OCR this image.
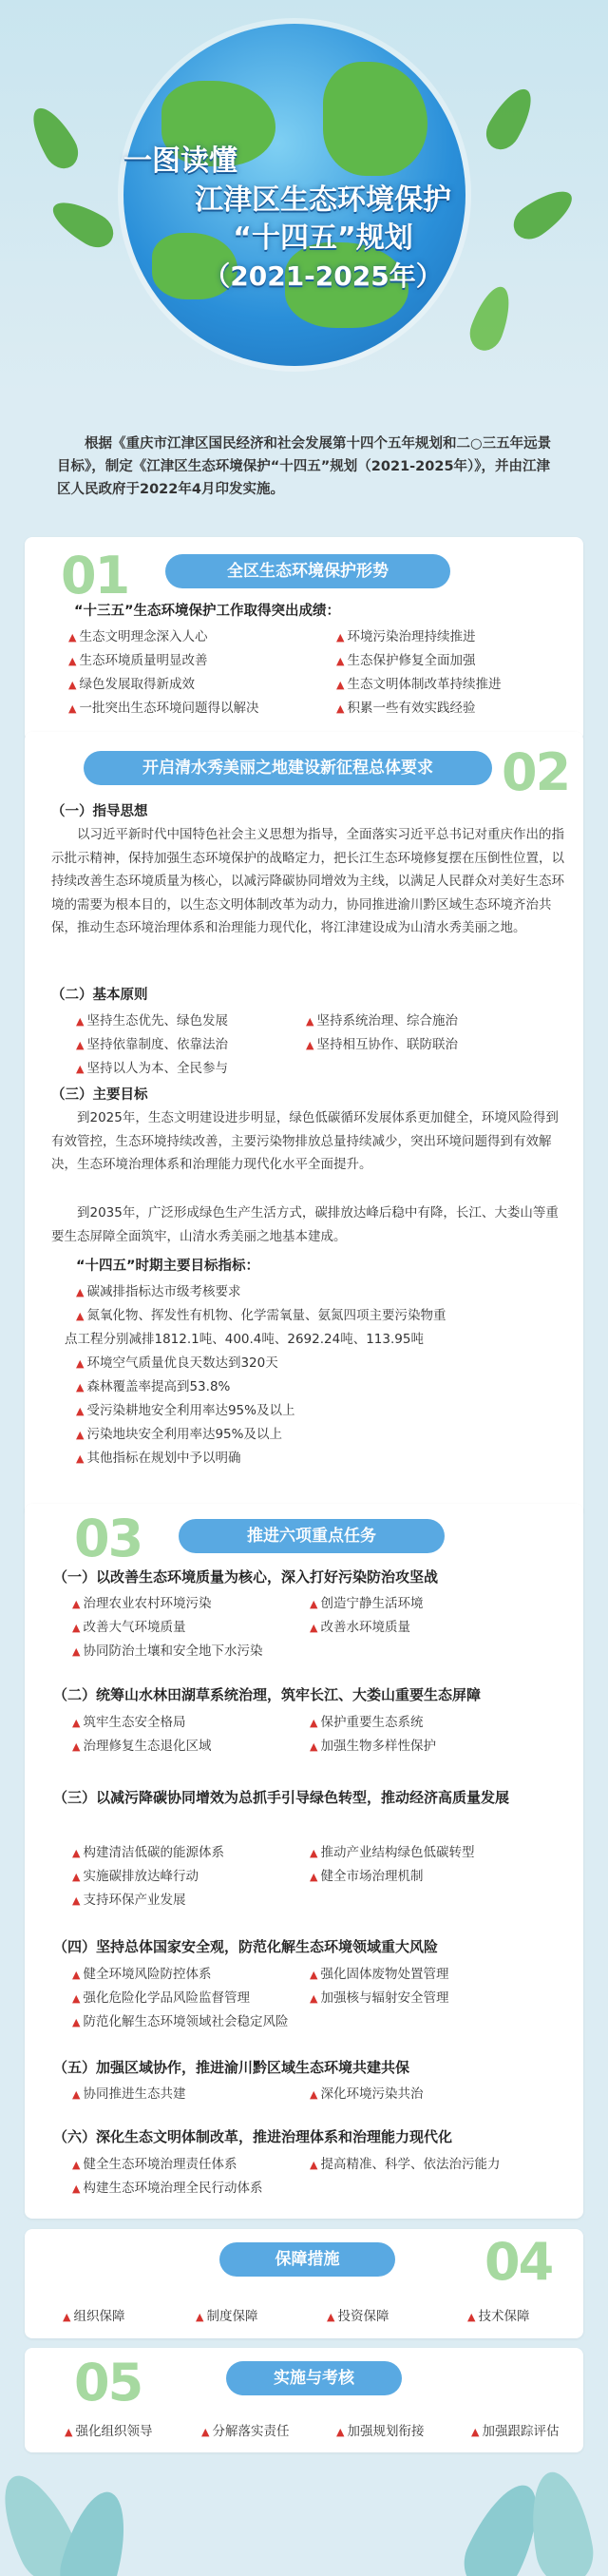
一图读懂
江津区生态环境保护
“十四五”规划
（2021-2025年）
根据《重庆市江津区国民经济和社会发展第十四个五年规划和二○三五年远景目标》，制定《江津区生态环境保护“十四五”规划（2021-2025年）》，并由江津区人民政府于2022年4月印发实施。
01	全区生态环境保护形势
“十三五”生态环境保护工作取得突出成绩：
▲ 生态文明理念深入人心	▲ 环境污染治理持续推进
▲ 生态环境质量明显改善	▲ 生态保护修复全面加强
▲ 绿色发展取得新成效	▲ 生态文明体制改革持续推进
▲ 一批突出生态环境问题得以解决	▲ 积累一些有效实践经验
开启清水秀美丽之地建设新征程总体要求	02
（一）指导思想
以习近平新时代中国特色社会主义思想为指导，全面落实习近平总书记对重庆作出的指示批示精神，保持加强生态环境保护的战略定力，把长江生态环境修复摆在压倒性位置，以持续改善生态环境质量为核心，以减污降碳协同增效为主线，以满足人民群众对美好生态环境的需要为根本目的，以生态文明体制改革为动力，协同推进渝川黔区域生态环境齐治共保，推动生态环境治理体系和治理能力现代化，将江津建设成为山清水秀美丽之地。
（二）基本原则
▲ 坚持生态优先、绿色发展	▲ 坚持系统治理、综合施治
▲ 坚持依靠制度、依靠法治	▲ 坚持相互协作、联防联治
▲ 坚持以人为本、全民参与
（三）主要目标
到2025年，生态文明建设进步明显，绿色低碳循环发展体系更加健全，环境风险得到有效管控，生态环境持续改善，主要污染物排放总量持续减少，突出环境问题得到有效解决，生态环境治理体系和治理能力现代化水平全面提升。
到2035年，广泛形成绿色生产生活方式，碳排放达峰后稳中有降，长江、大娄山等重要生态屏障全面筑牢，山清水秀美丽之地基本建成。
“十四五”时期主要目标指标：
▲ 碳减排指标达市级考核要求
▲ 氮氧化物、挥发性有机物、化学需氧量、氨氮四项主要污染物重
点工程分别减排1812.1吨、400.4吨、2692.24吨、113.95吨
▲ 环境空气质量优良天数达到320天
▲ 森林覆盖率提高到53.8%
▲ 受污染耕地安全利用率达95%及以上
▲ 污染地块安全利用率达95%及以上
▲ 其他指标在规划中予以明确
03	推进六项重点任务
（一）以改善生态环境质量为核心，深入打好污染防治攻坚战
▲ 治理农业农村环境污染	▲ 创造宁静生活环境
▲ 改善大气环境质量	▲ 改善水环境质量
▲ 协同防治土壤和安全地下水污染
（二）统筹山水林田湖草系统治理，筑牢长江、大娄山重要生态屏障
▲ 筑牢生态安全格局	▲ 保护重要生态系统
▲ 治理修复生态退化区域	▲ 加强生物多样性保护
（三）以减污降碳协同增效为总抓手引导绿色转型，推动经济高质量发展
▲ 构建清洁低碳的能源体系	▲ 推动产业结构绿色低碳转型
▲ 实施碳排放达峰行动	▲ 健全市场治理机制
▲ 支持环保产业发展
（四）坚持总体国家安全观，防范化解生态环境领域重大风险
▲ 健全环境风险防控体系	▲ 强化固体废物处置管理
▲ 强化危险化学品风险监督管理	▲ 加强核与辐射安全管理
▲ 防范化解生态环境领域社会稳定风险
（五）加强区域协作，推进渝川黔区域生态环境共建共保
▲ 协同推进生态共建	▲ 深化环境污染共治
（六）深化生态文明体制改革，推进治理体系和治理能力现代化
▲ 健全生态环境治理责任体系	▲ 提高精准、科学、依法治污能力
▲ 构建生态环境治理全民行动体系
保障措施	04
▲ 组织保障	▲ 制度保障	▲ 投资保障	▲ 技术保障
05	实施与考核
▲ 强化组织领导	▲ 分解落实责任	▲ 加强规划衔接	▲ 加强跟踪评估
